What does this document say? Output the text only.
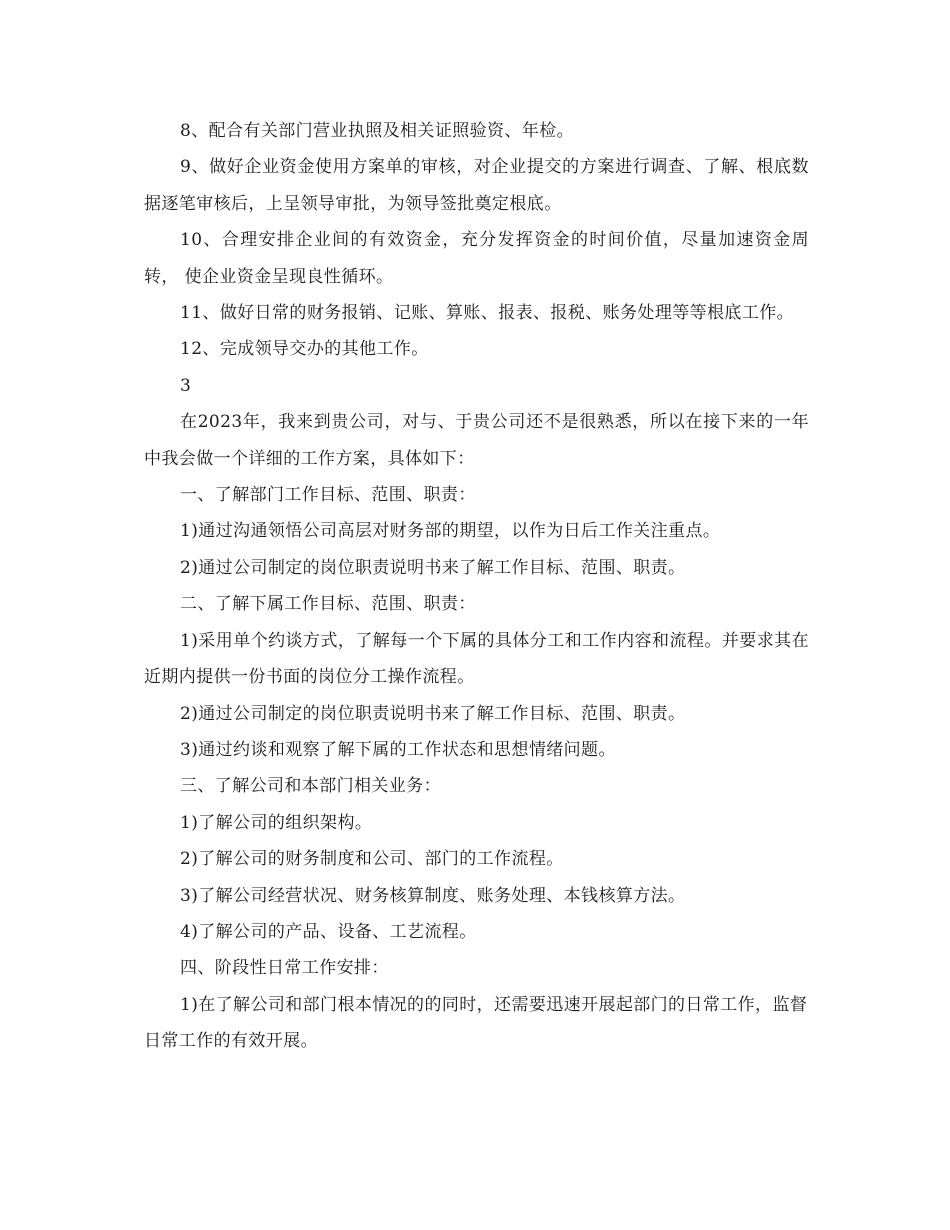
8、配合有关部门营业执照及相关证照验资、年检。

9、做好企业资金使用方案单的审核，对企业提交的方案进行调查、了解、根底数据逐笔审核后，上呈领导审批，为领导签批奠定根底。

10、合理安排企业间的有效资金，充分发挥资金的时间价值，尽量加速资金周转， 使企业资金呈现良性循环。

11、做好日常的财务报销、记账、算账、报表、报税、账务处理等等根底工作。

12、完成领导交办的其他工作。

3

在2023年，我来到贵公司，对与、于贵公司还不是很熟悉，所以在接下来的一年中我会做一个详细的工作方案，具体如下：

一、了解部门工作目标、范围、职责：

1)通过沟通领悟公司高层对财务部的期望，以作为日后工作关注重点。

2)通过公司制定的岗位职责说明书来了解工作目标、范围、职责。

二、了解下属工作目标、范围、职责：

1)采用单个约谈方式，了解每一个下属的具体分工和工作内容和流程。并要求其在近期内提供一份书面的岗位分工操作流程。

2)通过公司制定的岗位职责说明书来了解工作目标、范围、职责。

3)通过约谈和观察了解下属的工作状态和思想情绪问题。

三、了解公司和本部门相关业务：

1)了解公司的组织架构。

2)了解公司的财务制度和公司、部门的工作流程。

3)了解公司经营状况、财务核算制度、账务处理、本钱核算方法。

4)了解公司的产品、设备、工艺流程。

四、阶段性日常工作安排：

1)在了解公司和部门根本情况的的同时，还需要迅速开展起部门的日常工作，监督日常工作的有效开展。
